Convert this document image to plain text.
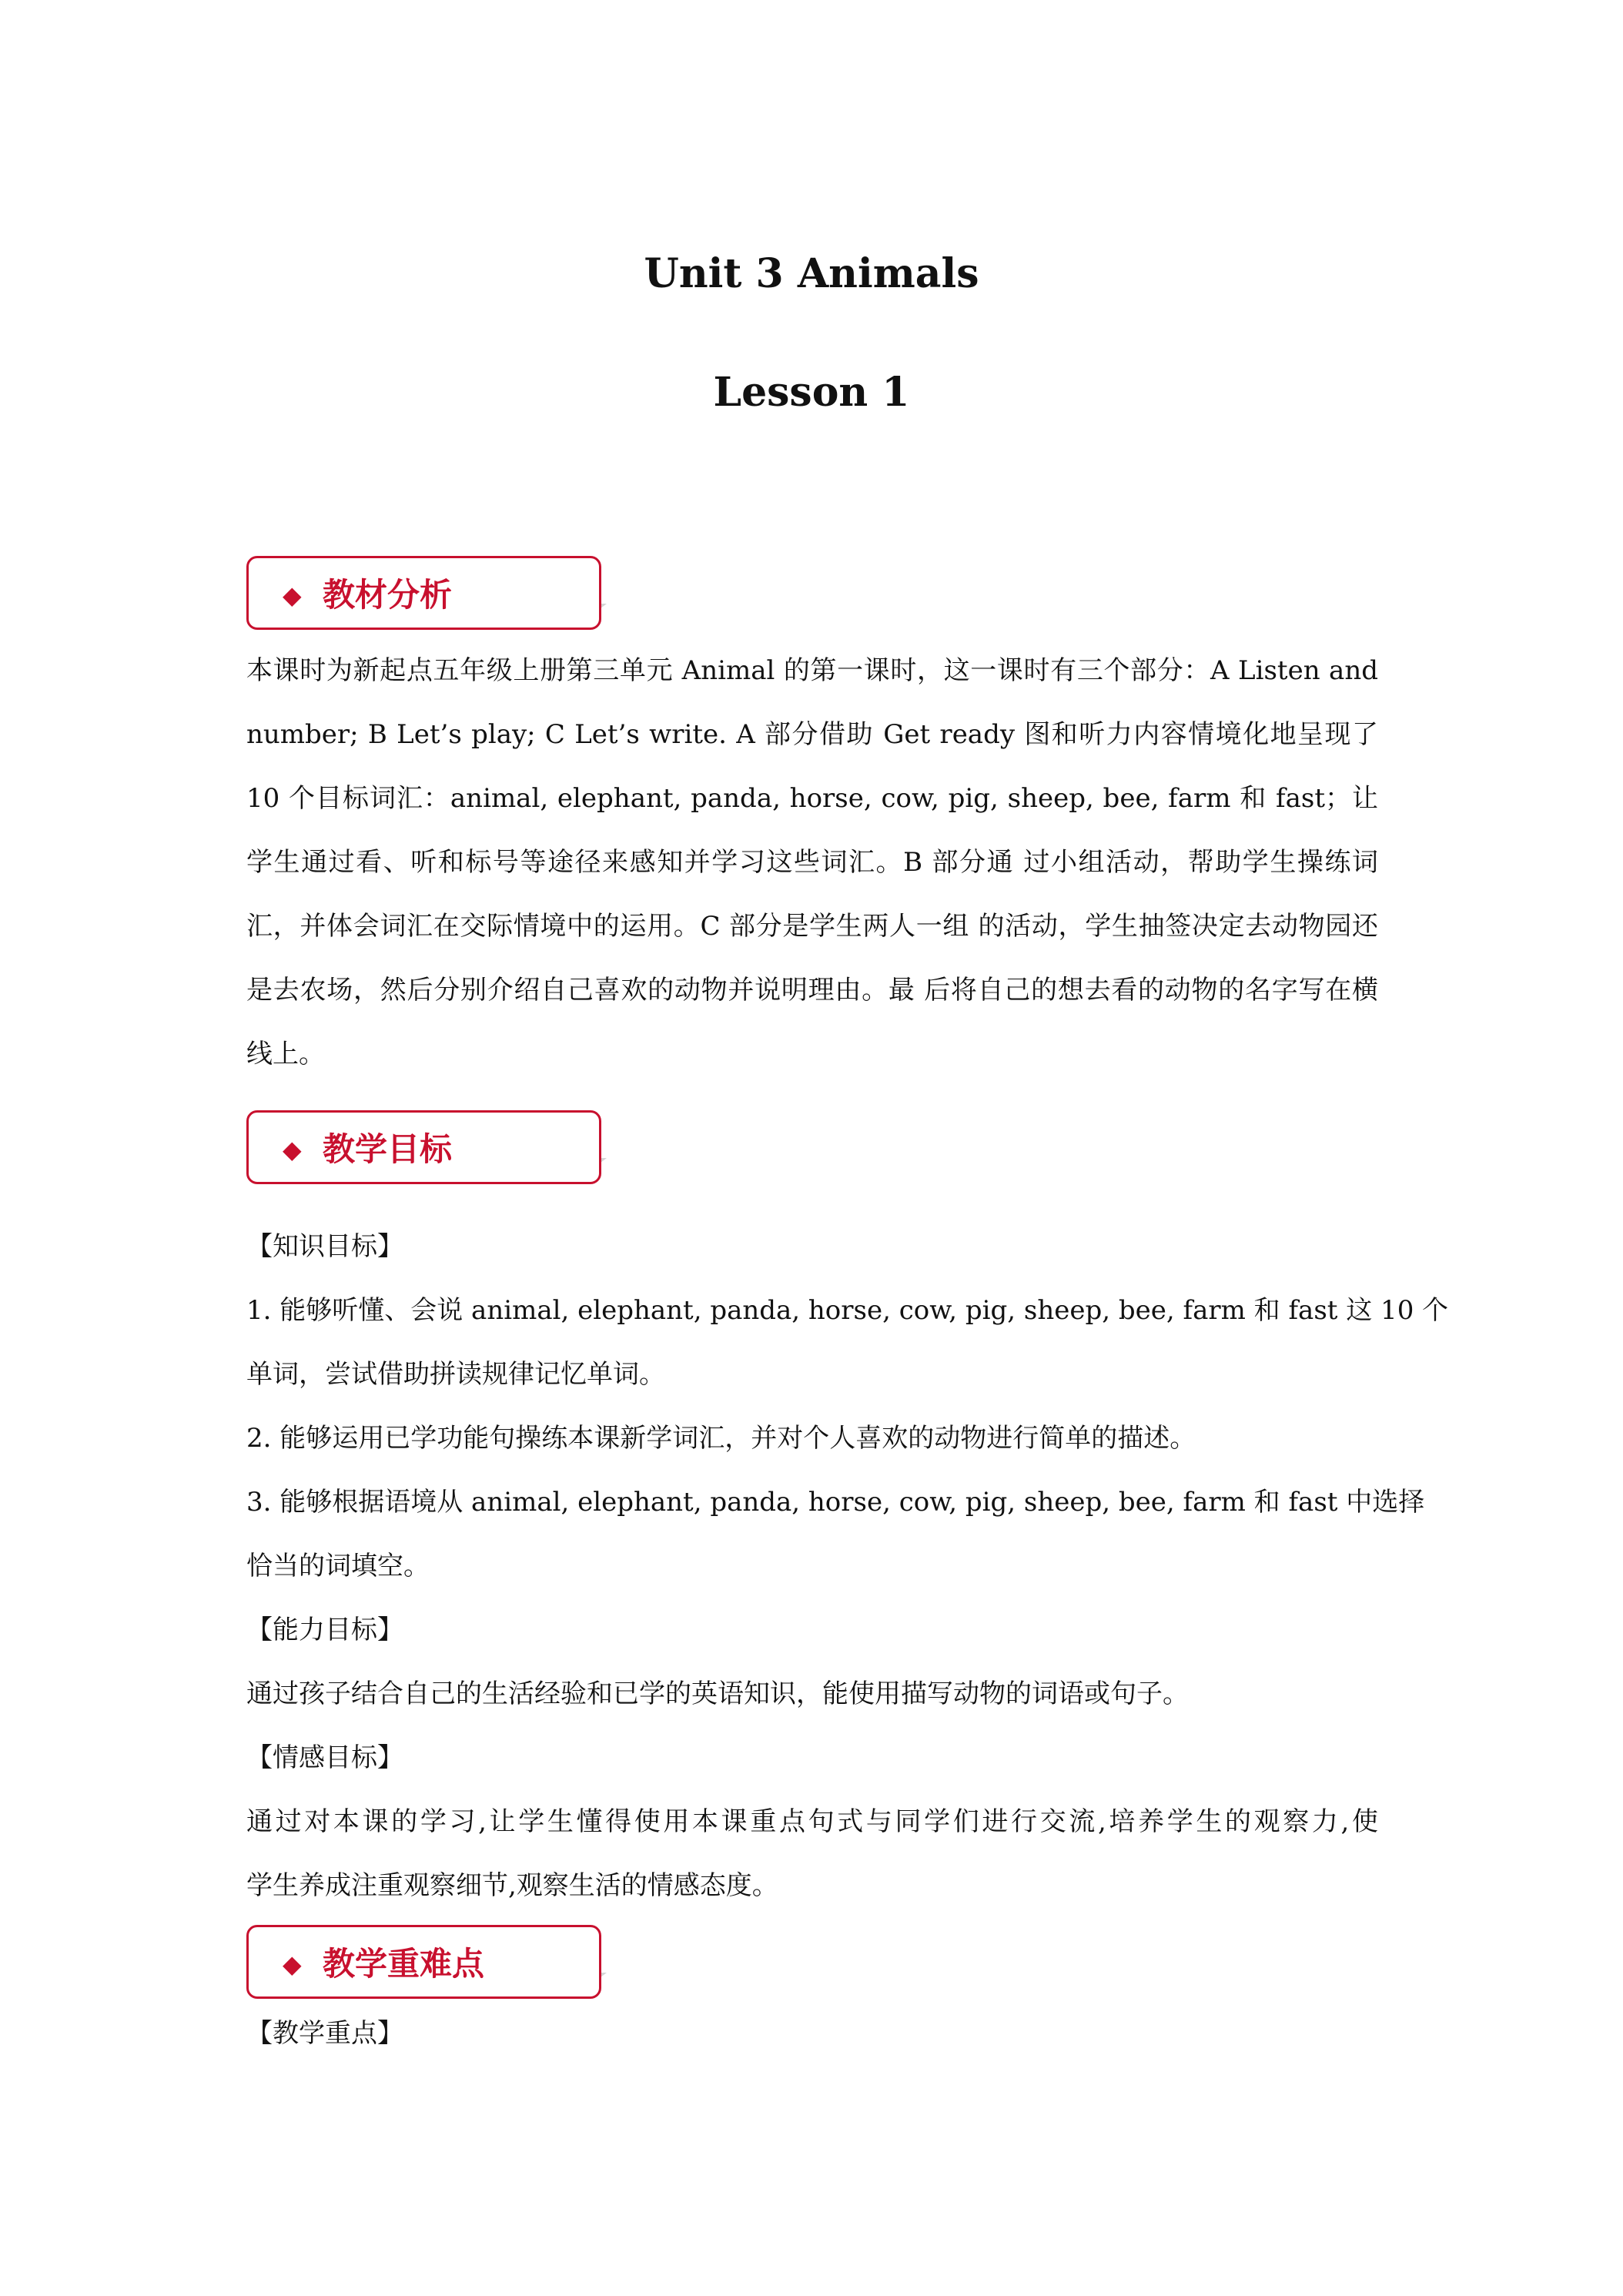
Unit 3 Animals
Lesson 1
◆ 教材分析

本课时为新起点五年级上册第三单元 Animal 的第一课时，这一课时有三个部分：A Listen and number; B Let’s play; C Let’s write. A 部分借助 Get ready 图和听力内容情境化地呈现了 10 个目标词汇：animal, elephant, panda, horse, cow, pig, sheep, bee, farm 和 fast；让学生通过看、听和标号等途径来感知并学习这些词汇。B 部分通 过小组活动，帮助学生操练词汇，并体会词汇在交际情境中的运用。C 部分是学生两人一组 的活动，学生抽签决定去动物园还是去农场，然后分别介绍自己喜欢的动物并说明理由。最 后将自己的想去看的动物的名字写在横线上。

◆ 教学目标

【知识目标】

1. 能够听懂、会说 animal, elephant, panda, horse, cow, pig, sheep, bee, farm 和 fast 这 10 个

单词，尝试借助拼读规律记忆单词。

2. 能够运用已学功能句操练本课新学词汇，并对个人喜欢的动物进行简单的描述。

3. 能够根据语境从 animal, elephant, panda, horse, cow, pig, sheep, bee, farm 和 fast 中选择

恰当的词填空。

【能力目标】

通过孩子结合自己的生活经验和已学的英语知识，能使用描写动物的词语或句子。

【情感目标】

通过对本课的学习,让学生懂得使用本课重点句式与同学们进行交流,培养学生的观察力,使

学生养成注重观察细节,观察生活的情感态度。

◆ 教学重难点

【教学重点】
